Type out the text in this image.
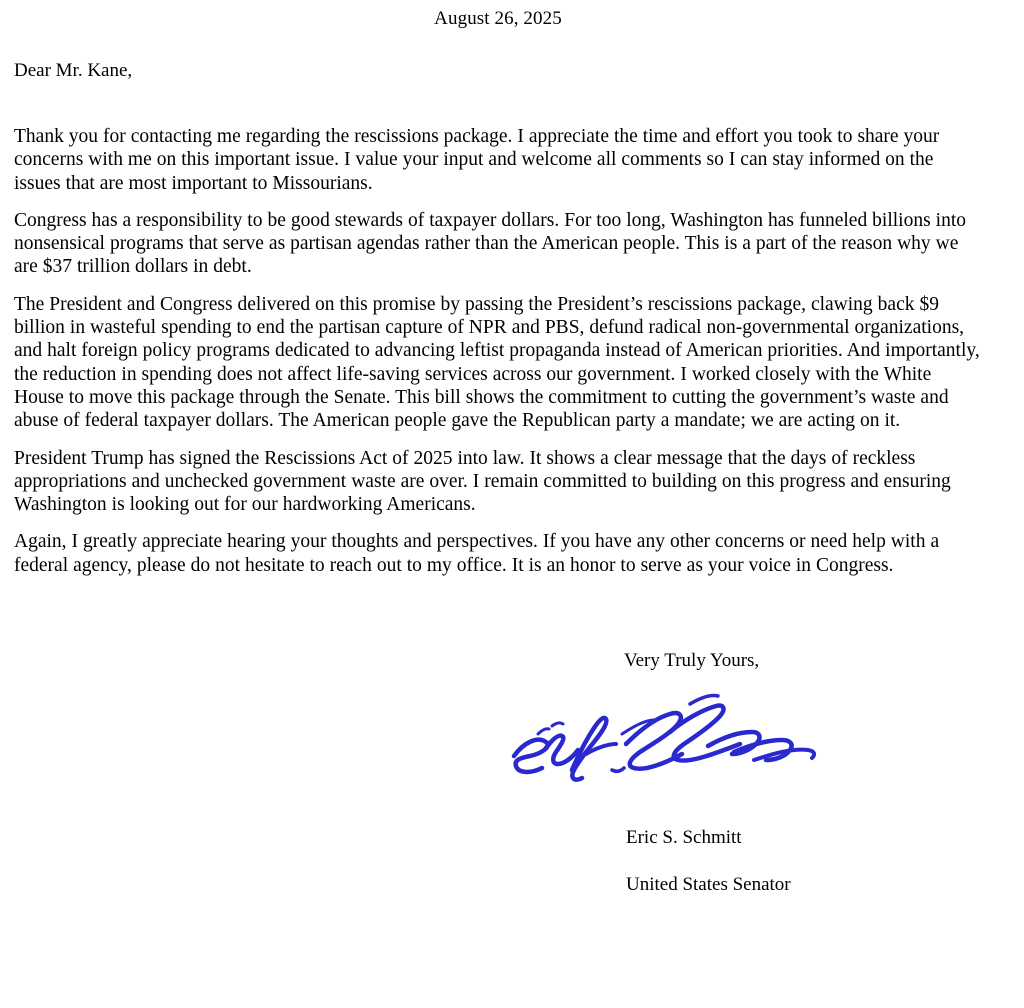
August 26, 2025
Dear Mr. Kane,

Thank you for contacting me regarding the rescissions package. I appreciate the time and effort you took to share your concerns with me on this important issue. I value your input and welcome all comments so I can stay informed on the issues that are most important to Missourians.

Congress has a responsibility to be good stewards of taxpayer dollars. For too long, Washington has funneled billions into nonsensical programs that serve as partisan agendas rather than the American people. This is a part of the reason why we are $37 trillion dollars in debt.

The President and Congress delivered on this promise by passing the President’s rescissions package, clawing back $9 billion in wasteful spending to end the partisan capture of NPR and PBS, defund radical non-governmental organizations, and halt foreign policy programs dedicated to advancing leftist propaganda instead of American priorities. And importantly, the reduction in spending does not affect life-saving services across our government. I worked closely with the White House to move this package through the Senate. This bill shows the commitment to cutting the government’s waste and abuse of federal taxpayer dollars. The American people gave the Republican party a mandate; we are acting on it.

President Trump has signed the Rescissions Act of 2025 into law. It shows a clear message that the days of reckless appropriations and unchecked government waste are over. I remain committed to building on this progress and ensuring Washington is looking out for our hardworking Americans.

Again, I greatly appreciate hearing your thoughts and perspectives. If you have any other concerns or need help with a federal agency, please do not hesitate to reach out to my office. It is an honor to serve as your voice in Congress.

Very Truly Yours,
Eric S. Schmitt
United States Senator
